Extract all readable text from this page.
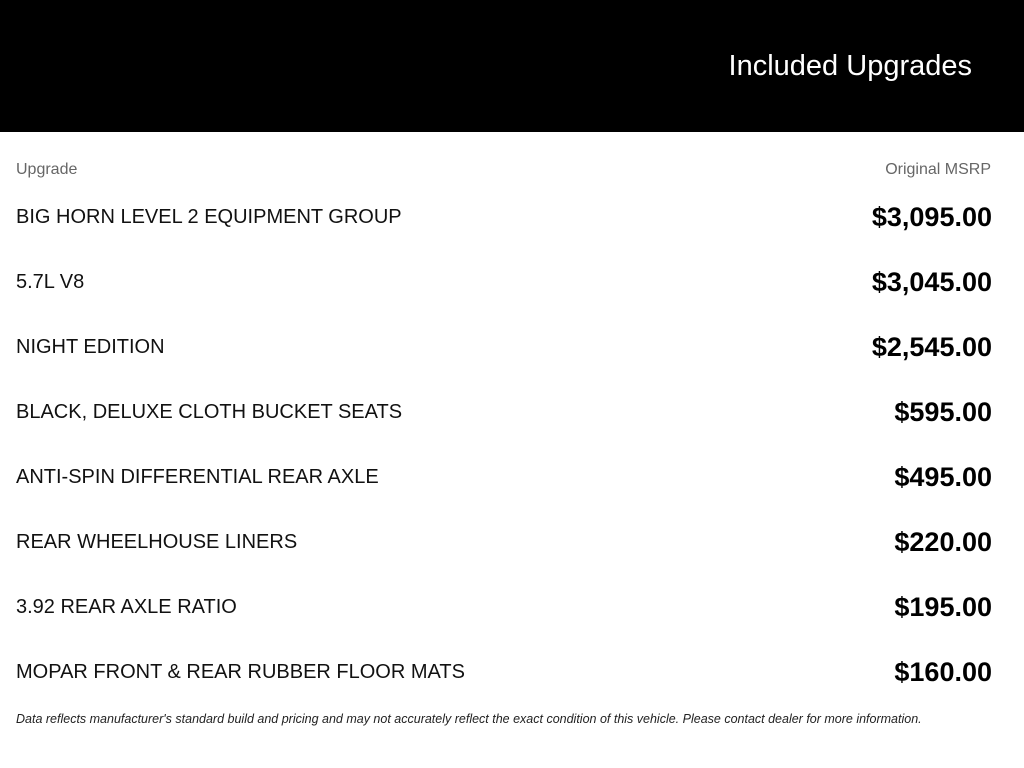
Included Upgrades
Upgrade	Original MSRP
BIG HORN LEVEL 2 EQUIPMENT GROUP	$3,095.00
5.7L V8	$3,045.00
NIGHT EDITION	$2,545.00
BLACK, DELUXE CLOTH BUCKET SEATS	$595.00
ANTI-SPIN DIFFERENTIAL REAR AXLE	$495.00
REAR WHEELHOUSE LINERS	$220.00
3.92 REAR AXLE RATIO	$195.00
MOPAR FRONT & REAR RUBBER FLOOR MATS	$160.00

Data reflects manufacturer's standard build and pricing and may not accurately reflect the exact condition of this vehicle. Please contact dealer for more information.
